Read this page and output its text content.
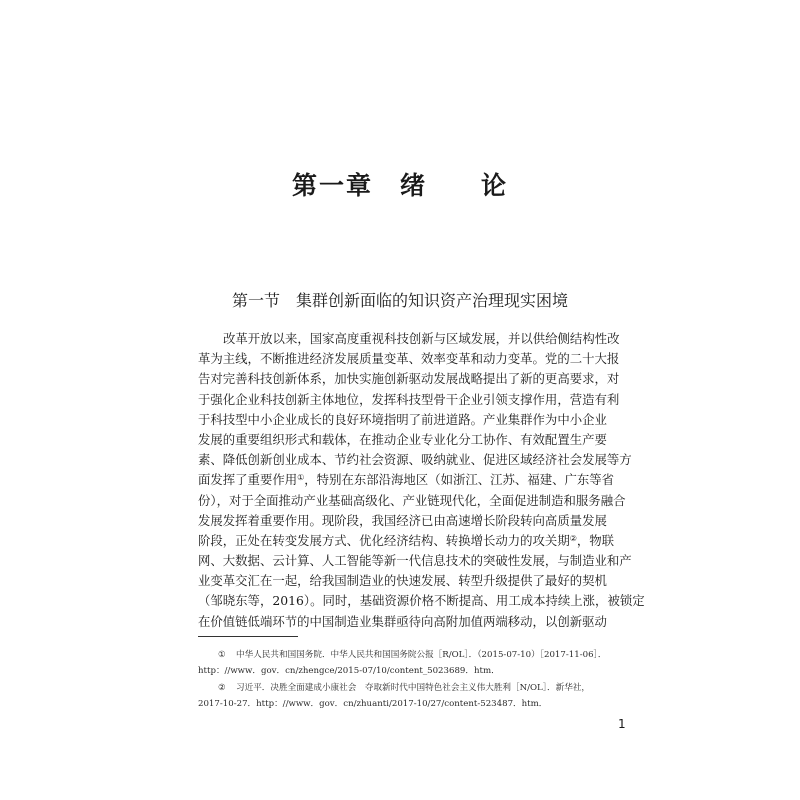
第一章　绪　　论
第一节　集群创新面临的知识资产治理现实困境
改革开放以来，国家高度重视科技创新与区域发展，并以供给侧结构性改
革为主线，不断推进经济发展质量变革、效率变革和动力变革。党的二十大报
告对完善科技创新体系，加快实施创新驱动发展战略提出了新的更高要求，对
于强化企业科技创新主体地位，发挥科技型骨干企业引领支撑作用，营造有利
于科技型中小企业成长的良好环境指明了前进道路。产业集群作为中小企业
发展的重要组织形式和载体，在推动企业专业化分工协作、有效配置生产要
素、降低创新创业成本、节约社会资源、吸纳就业、促进区域经济社会发展等方
面发挥了重要作用①，特别在东部沿海地区（如浙江、江苏、福建、广东等省
份），对于全面推动产业基础高级化、产业链现代化，全面促进制造和服务融合
发展发挥着重要作用。现阶段，我国经济已由高速增长阶段转向高质量发展
阶段，正处在转变发展方式、优化经济结构、转换增长动力的攻关期②，物联
网、大数据、云计算、人工智能等新一代信息技术的突破性发展，与制造业和产
业变革交汇在一起，给我国制造业的快速发展、转型升级提供了最好的契机
（邹晓东等，2016）。同时，基础资源价格不断提高、用工成本持续上涨，被锁定
在价值链低端环节的中国制造业集群亟待向高附加值两端移动，以创新驱动
① 中华人民共和国国务院．中华人民共和国国务院公报［R/OL］．（2015-07-10）［2017-11-06］．
http：//www．gov．cn/zhengce/2015-07/10/content_5023689．htm．
② 习近平．决胜全面建成小康社会　夺取新时代中国特色社会主义伟大胜利［N/OL］．新华社，
2017-10-27．http：//www．gov．cn/zhuanti/2017-10/27/content-523487．htm．
1
